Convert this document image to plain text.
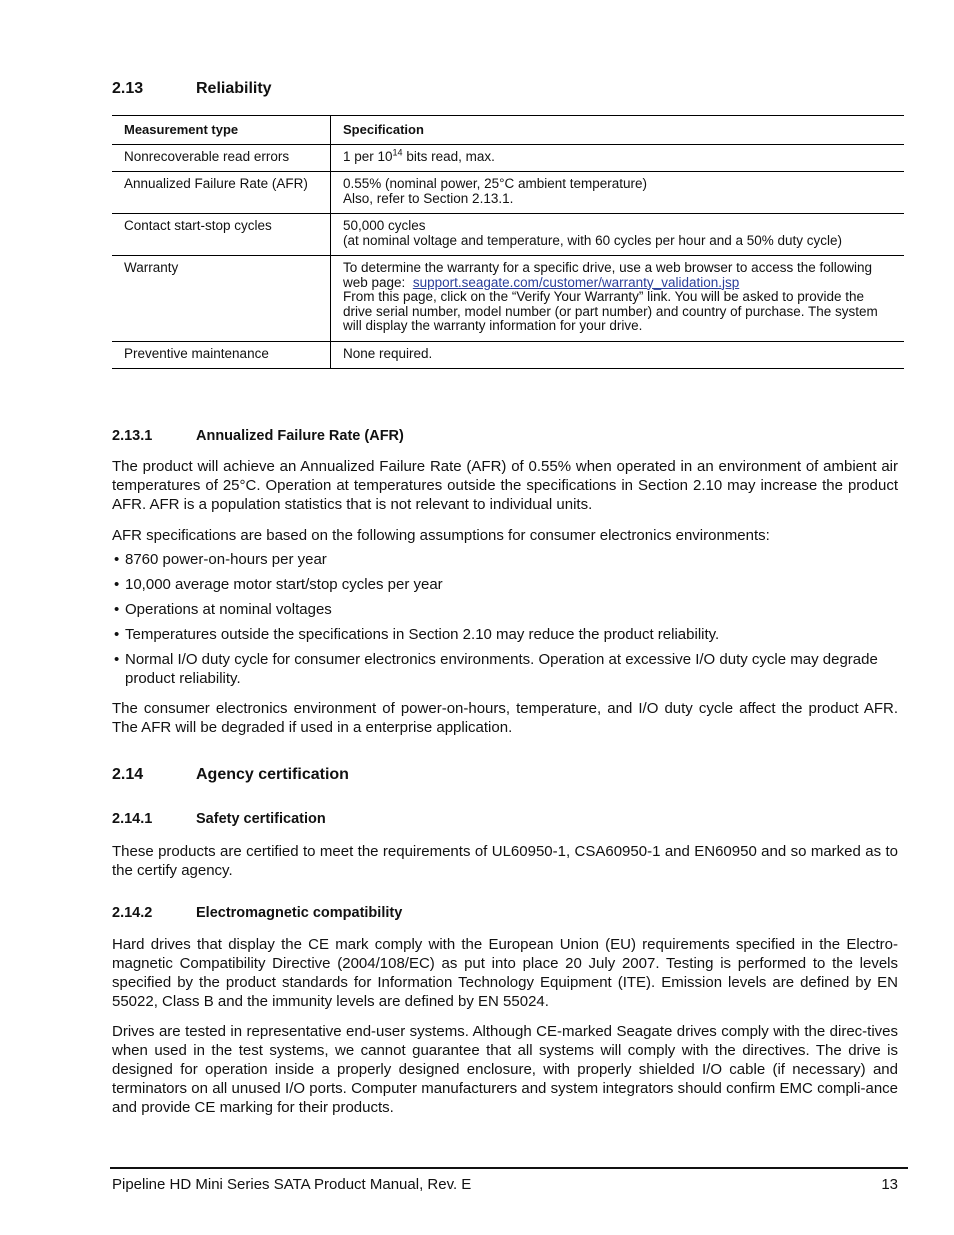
2.13	Reliability
Measurement type	Specification
Nonrecoverable read errors	1 per $10^{14}$ bits read, max.
Annualized Failure Rate (AFR)	0.55% (nominal power, 25°C ambient temperature)
Also, refer to Section 2.13.1.

Contact start-stop cycles	50,000 cycles
(at nominal voltage and temperature, with 60 cycles per hour and a 50% duty cycle)

Warranty	To determine the warranty for a specific drive, use a web browser to access the following web page: support.seagate.com/customer/warranty_validation.jsp
From this page, click on the “Verify Your Warranty” link. You will be asked to provide the drive serial number, model number (or part number) and country of purchase. The system will display the warranty information for your drive.
Preventive maintenance	None required.
2.13.1	Annualized Failure Rate (AFR)

The product will achieve an Annualized Failure Rate (AFR) of 0.55% when operated in an environment of ambient air temperatures of 25°C. Operation at temperatures outside the specifications in Section 2.10 may increase the product AFR. AFR is a population statistics that is not relevant to individual units.

AFR specifications are based on the following assumptions for consumer electronics environments:

• 8760 power-on-hours per year
• 10,000 average motor start/stop cycles per year
• Operations at nominal voltages
• Temperatures outside the specifications in Section 2.10 may reduce the product reliability.
• Normal I/O duty cycle for consumer electronics environments. Operation at excessive I/O duty cycle may degrade product reliability.

The consumer electronics environment of power-on-hours, temperature, and I/O duty cycle affect the product AFR. The AFR will be degraded if used in a enterprise application.

2.14	Agency certification
2.14.1	Safety certification

These products are certified to meet the requirements of UL60950-1, CSA60950-1 and EN60950 and so marked as to the certify agency.

2.14.2	Electromagnetic compatibility

Hard drives that display the CE mark comply with the European Union (EU) requirements specified in the Electro-magnetic Compatibility Directive (2004/108/EC) as put into place 20 July 2007. Testing is performed to the levels specified by the product standards for Information Technology Equipment (ITE). Emission levels are defined by EN 55022, Class B and the immunity levels are defined by EN 55024.

Drives are tested in representative end-user systems. Although CE-marked Seagate drives comply with the direc-tives when used in the test systems, we cannot guarantee that all systems will comply with the directives. The drive is designed for operation inside a properly designed enclosure, with properly shielded I/O cable (if necessary) and terminators on all unused I/O ports. Computer manufacturers and system integrators should confirm EMC compli-ance and provide CE marking for their products.

Pipeline HD Mini Series SATA Product Manual, Rev. E	13
